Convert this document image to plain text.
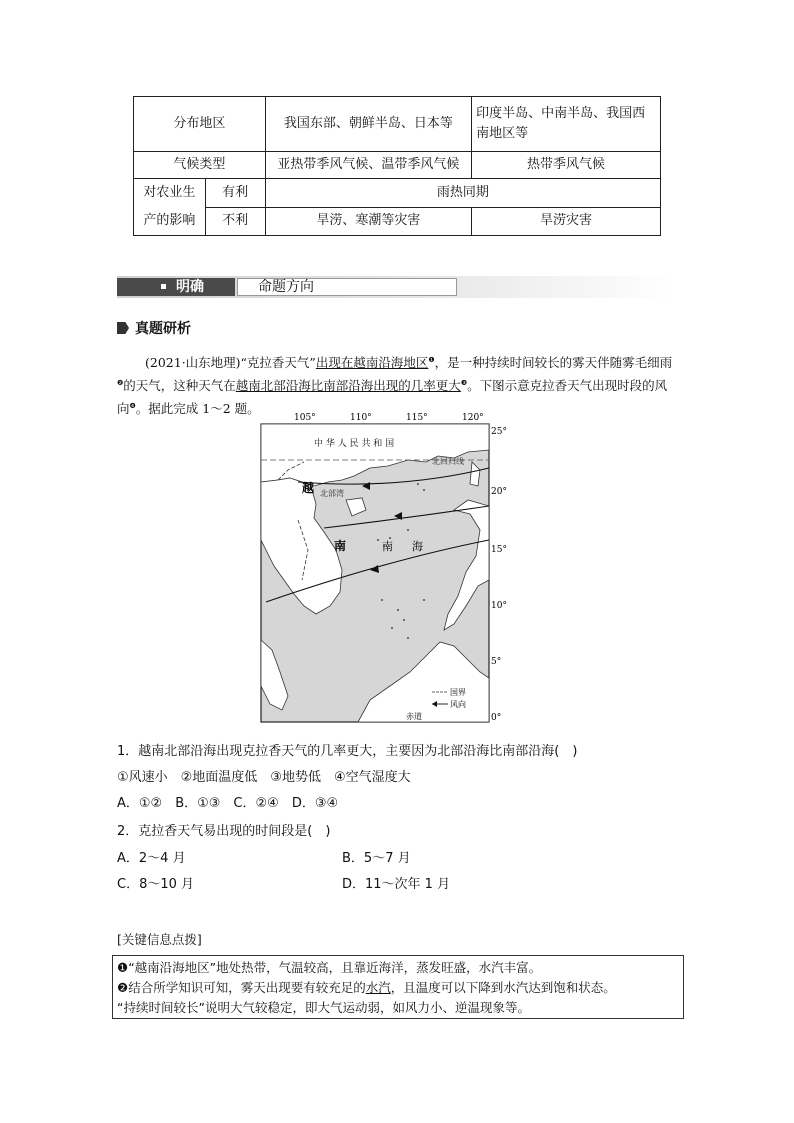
分布地区		我国东部、朝鲜半岛、日本等	印度半岛、中南半岛、我国西南地区等
气候类型		亚热带季风气候、温带季风气候	热带季风气候
对农业生产的影响	有利	雨热同期	
	不利	旱涝、寒潮等灾害	旱涝灾害
明确	命题方向
真题研析
(2021·山东地理)“克拉香天气”出现在越南沿海地区$^❶$，是一种持续时间较长的雾天伴随雾毛细雨$^❷$的天气，这种天气在越南北部沿海比南部沿海出现的几率更大$^❸$。下图示意克拉香天气出现时段的风向$^❹$。据此完成 1～2 题。
105°	110°	115°	120°
25°
20°
15°
10°
5°
0°
中 华 人 民 共 和 国
北回归线
越
南
北部湾
南 海
国界
风向
赤道
1．越南北部沿海出现克拉香天气的几率更大，主要因为北部沿海比南部沿海(　)
①风速小　②地面温度低　③地势低　④空气湿度大
A．①②　B．①③　C．②④　D．③④
2．克拉香天气易出现的时间段是(　)
A．2～4 月	B．5～7 月
C．8～10 月	D．11～次年 1 月
[关键信息点拨]
❶“越南沿海地区”地处热带，气温较高，且靠近海洋，蒸发旺盛，水汽丰富。
❷结合所学知识可知，雾天出现要有较充足的水汽，且温度可以下降到水汽达到饱和状态。
“持续时间较长”说明大气较稳定，即大气运动弱，如风力小、逆温现象等。
